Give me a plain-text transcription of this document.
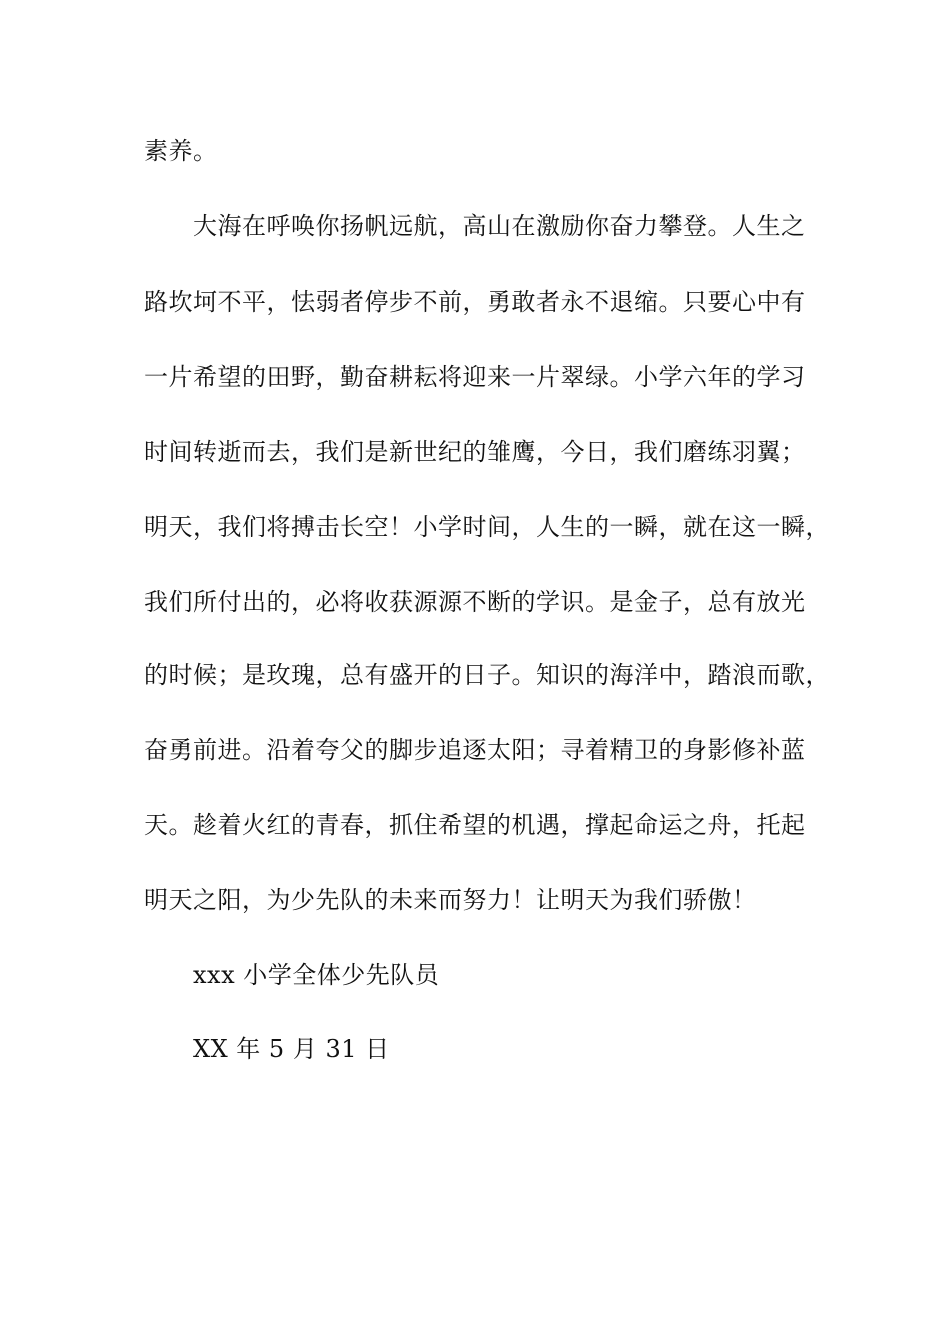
素养。
大海在呼唤你扬帆远航，高山在激励你奋力攀登。人生之
路坎坷不平，怯弱者停步不前，勇敢者永不退缩。只要心中有
一片希望的田野，勤奋耕耘将迎来一片翠绿。小学六年的学习
时间转逝而去，我们是新世纪的雏鹰，今日，我们磨练羽翼；
明天，我们将搏击长空！小学时间，人生的一瞬，就在这一瞬，
我们所付出的，必将收获源源不断的学识。是金子，总有放光
的时候；是玫瑰，总有盛开的日子。知识的海洋中，踏浪而歌，
奋勇前进。沿着夸父的脚步追逐太阳；寻着精卫的身影修补蓝
天。趁着火红的青春，抓住希望的机遇，撑起命运之舟，托起
明天之阳，为少先队的未来而努力！让明天为我们骄傲！
xxx 小学全体少先队员
XX 年 5 月 31 日
